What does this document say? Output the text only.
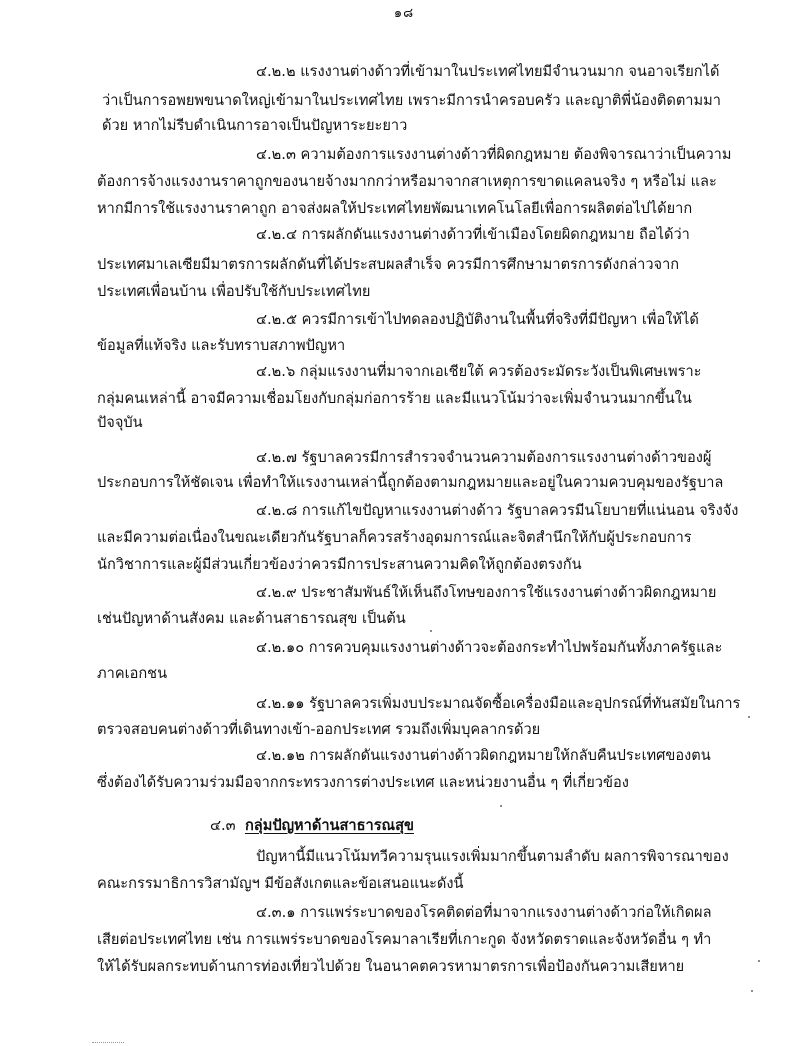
๑๘
๔.๒.๒ แรงงานต่างด้าวที่เข้ามาในประเทศไทยมีจำนวนมาก จนอาจเรียกได้
ว่าเป็นการอพยพขนาดใหญ่เข้ามาในประเทศไทย เพราะมีการนำครอบครัว และญาติพี่น้องติดตามมา
ด้วย หากไม่รีบดำเนินการอาจเป็นปัญหาระยะยาว
๔.๒.๓ ความต้องการแรงงานต่างด้าวที่ผิดกฎหมาย ต้องพิจารณาว่าเป็นความ
ต้องการจ้างแรงงานราคาถูกของนายจ้างมากกว่าหรือมาจากสาเหตุการขาดแคลนจริง ๆ หรือไม่ และ
หากมีการใช้แรงงานราคาถูก อาจส่งผลให้ประเทศไทยพัฒนาเทคโนโลยีเพื่อการผลิตต่อไปได้ยาก
๔.๒.๔ การผลักดันแรงงานต่างด้าวที่เข้าเมืองโดยผิดกฎหมาย ถือได้ว่า
ประเทศมาเลเซียมีมาตรการผลักดันที่ได้ประสบผลสำเร็จ ควรมีการศึกษามาตรการดังกล่าวจาก
ประเทศเพื่อนบ้าน เพื่อปรับใช้กับประเทศไทย
๔.๒.๕ ควรมีการเข้าไปทดลองปฏิบัติงานในพื้นที่จริงที่มีปัญหา เพื่อให้ได้
ข้อมูลที่แท้จริง และรับทราบสภาพปัญหา
๔.๒.๖ กลุ่มแรงงานที่มาจากเอเชียใต้ ควรต้องระมัดระวังเป็นพิเศษเพราะ
กลุ่มคนเหล่านี้ อาจมีความเชื่อมโยงกับกลุ่มก่อการร้าย และมีแนวโน้มว่าจะเพิ่มจำนวนมากขึ้นใน
ปัจจุบัน
๔.๒.๗ รัฐบาลควรมีการสำรวจจำนวนความต้องการแรงงานต่างด้าวของผู้
ประกอบการให้ชัดเจน เพื่อทำให้แรงงานเหล่านี้ถูกต้องตามกฎหมายและอยู่ในความควบคุมของรัฐบาล
๔.๒.๘ การแก้ไขปัญหาแรงงานต่างด้าว รัฐบาลควรมีนโยบายที่แน่นอน จริงจัง
และมีความต่อเนื่องในขณะเดียวกันรัฐบาลก็ควรสร้างอุดมการณ์และจิตสำนึกให้กับผู้ประกอบการ
นักวิชาการและผู้มีส่วนเกี่ยวข้องว่าควรมีการประสานความคิดให้ถูกต้องตรงกัน
๔.๒.๙ ประชาสัมพันธ์ให้เห็นถึงโทษของการใช้แรงงานต่างด้าวผิดกฎหมาย
เช่นปัญหาด้านสังคม และด้านสาธารณสุข เป็นต้น
๔.๒.๑๐ การควบคุมแรงงานต่างด้าวจะต้องกระทำไปพร้อมกันทั้งภาครัฐและ
ภาคเอกชน
๔.๒.๑๑ รัฐบาลควรเพิ่มงบประมาณจัดซื้อเครื่องมือและอุปกรณ์ที่ทันสมัยในการ
ตรวจสอบคนต่างด้าวที่เดินทางเข้า-ออกประเทศ รวมถึงเพิ่มบุคลากรด้วย
๔.๒.๑๒ การผลักดันแรงงานต่างด้าวผิดกฎหมายให้กลับคืนประเทศของตน
ซึ่งต้องได้รับความร่วมมือจากกระทรวงการต่างประเทศ และหน่วยงานอื่น ๆ ที่เกี่ยวข้อง
๔.๓ กลุ่มปัญหาด้านสาธารณสุข
ปัญหานี้มีแนวโน้มทวีความรุนแรงเพิ่มมากขึ้นตามลำดับ ผลการพิจารณาของ
คณะกรรมาธิการวิสามัญฯ มีข้อสังเกตและข้อเสนอแนะดังนี้
๔.๓.๑ การแพร่ระบาดของโรคติดต่อที่มาจากแรงงานต่างด้าวก่อให้เกิดผล
เสียต่อประเทศไทย เช่น การแพร่ระบาดของโรคมาลาเรียที่เกาะกูด จังหวัดตราดและจังหวัดอื่น ๆ ทำ
ให้ได้รับผลกระทบด้านการท่องเที่ยวไปด้วย ในอนาคตควรหามาตรการเพื่อป้องกันความเสียหาย
